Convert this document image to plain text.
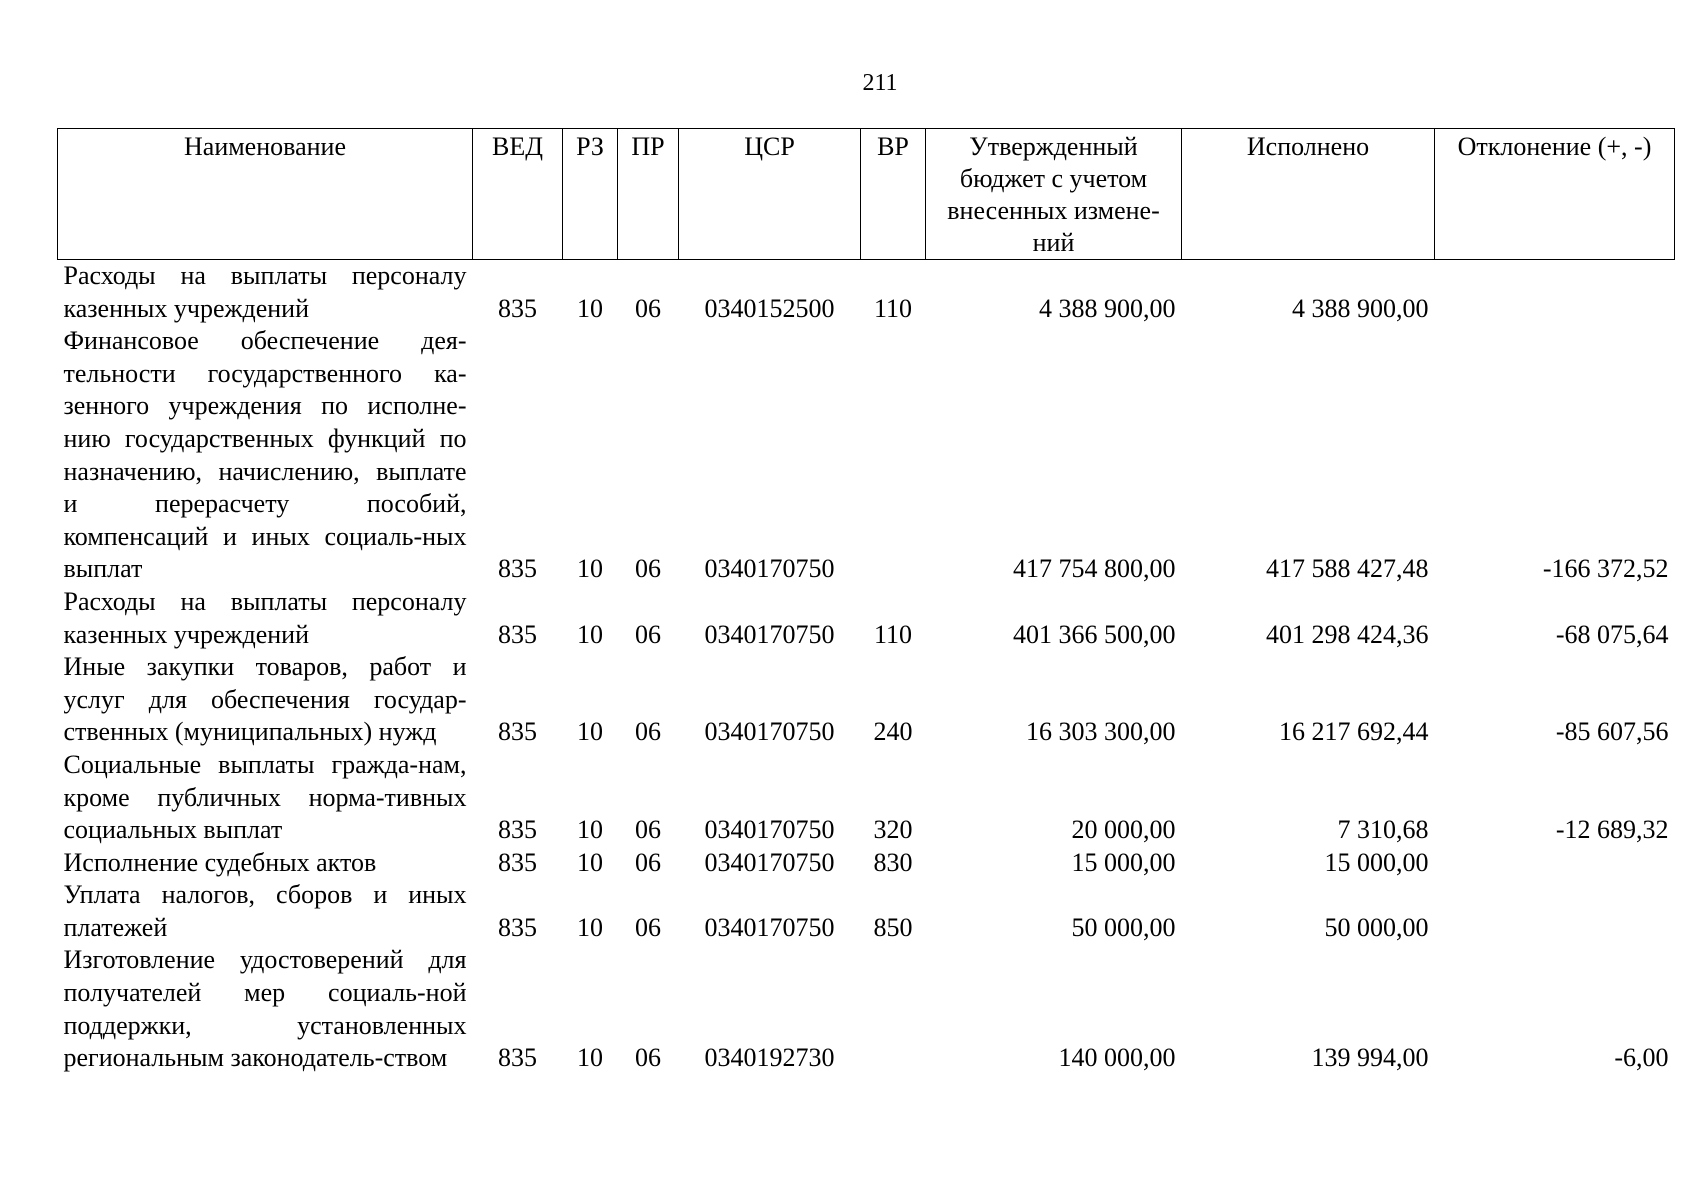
211
Наименование	ВЕД	РЗ	ПР	ЦСР	ВР	Утвержденный бюджет с учетом внесенных измене-ний	Исполнено	Отклонение (+, -)
Расходы на выплаты персоналу казенных учреждений	835	10	06	0340152500	110	4 388 900,00	4 388 900,00	
Финансовое обеспечение дея-тельности государственного ка-зенного учреждения по исполне-нию государственных функций по назначению, начислению, выплате и перерасчету пособий, компенсаций и иных социаль-ных выплат	835	10	06	0340170750		417 754 800,00	417 588 427,48	-166 372,52
Расходы на выплаты персоналу казенных учреждений	835	10	06	0340170750	110	401 366 500,00	401 298 424,36	-68 075,64
Иные закупки товаров, работ и услуг для обеспечения государ-ственных (муниципальных) нужд	835	10	06	0340170750	240	16 303 300,00	16 217 692,44	-85 607,56
Социальные выплаты гражда-нам, кроме публичных норма-тивных социальных выплат	835	10	06	0340170750	320	20 000,00	7 310,68	-12 689,32
Исполнение судебных актов	835	10	06	0340170750	830	15 000,00	15 000,00	
Уплата налогов, сборов и иных платежей	835	10	06	0340170750	850	50 000,00	50 000,00	
Изготовление удостоверений для получателей мер социаль-ной поддержки, установленных региональным законодатель-ством	835	10	06	0340192730		140 000,00	139 994,00	-6,00
